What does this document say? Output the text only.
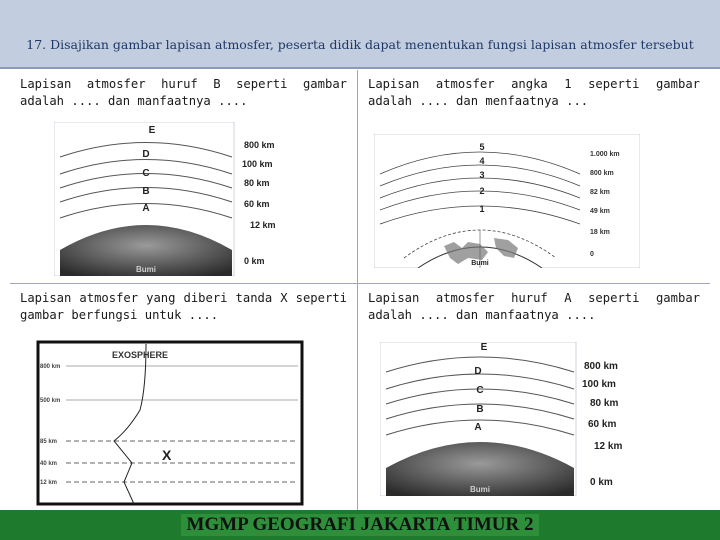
17. Disajikan gambar lapisan atmosfer, peserta didik dapat menentukan fungsi lapisan atmosfer tersebut
Lapisan atmosfer huruf B seperti gambar adalah .... dan manfaatnya ....
Bumi
E
D
C
B
A
800 km
100 km
80 km
60 km
12 km
0 km
Lapisan atmosfer angka 1 seperti gambar adalah .... dan menfaatnya ...
Bumi
5
4
3
2
1
1.000 km
800 km
82 km
49 km
18 km
0
Lapisan atmosfer yang diberi tanda X seperti gambar berfungsi untuk ....
EXOSPHERE
800 km
500 km
85 km
40 km
12 km
X
Lapisan atmosfer huruf A seperti gambar adalah .... dan manfaatnya ....
Bumi
E
D
C
B
A
800 km
100 km
80 km
60 km
12 km
0 km
MGMP GEOGRAFI JAKARTA TIMUR 2
